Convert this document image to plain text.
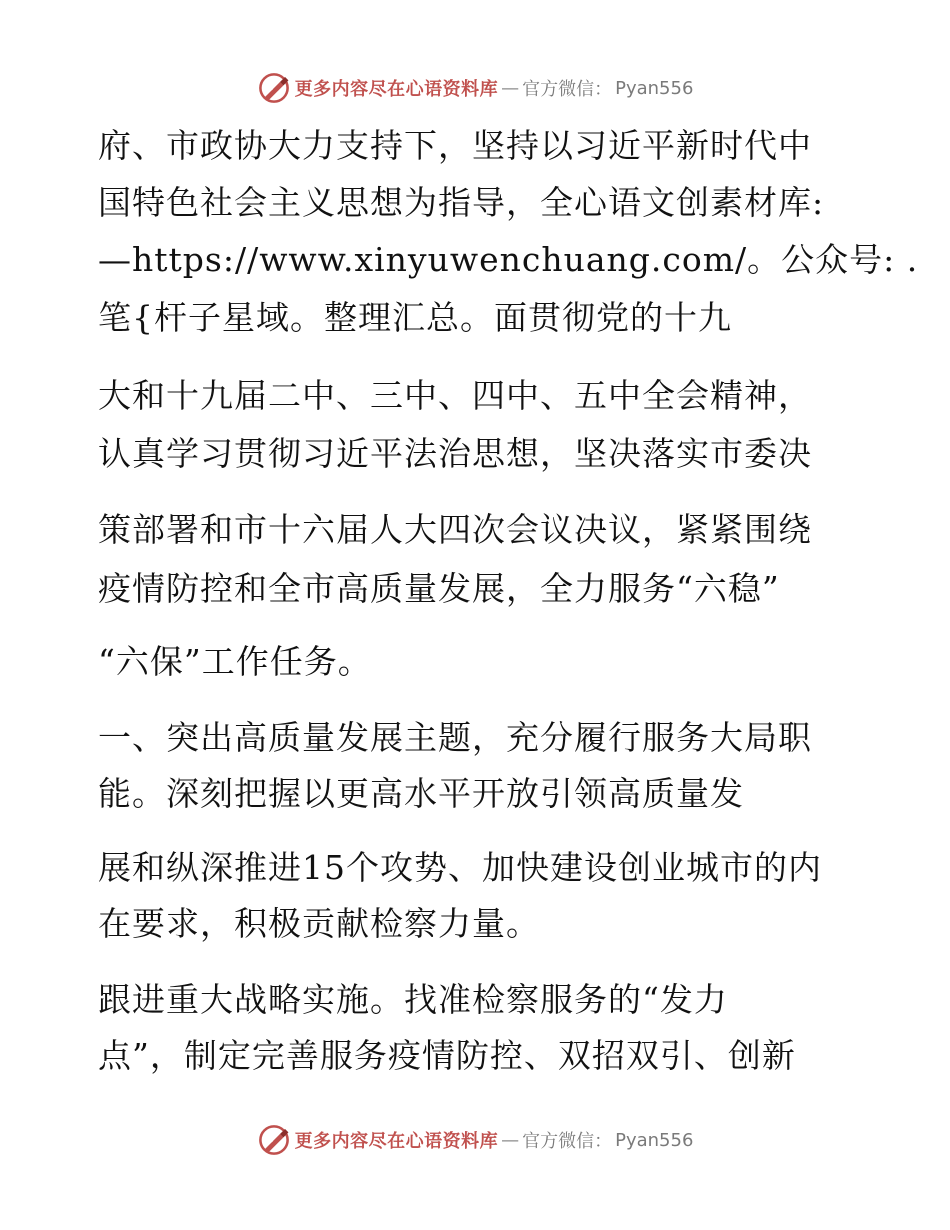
更多内容尽在心语资料库 — 官方微信： Pyan556
府、市政协大力支持下，坚持以习近平新时代中
国特色社会主义思想为指导，全心语文创素材库:
—https://www.xinyuwenchuang.com/。公众号: .
笔{杆子星域。整理汇总。面贯彻党的十九
大和十九届二中、三中、四中、五中全会精神，
认真学习贯彻习近平法治思想，坚决落实市委决
策部署和市十六届人大四次会议决议，紧紧围绕
疫情防控和全市高质量发展，全力服务“六稳”
“六保”工作任务。
一、突出高质量发展主题，充分履行服务大局职
能。深刻把握以更高水平开放引领高质量发
展和纵深推进15个攻势、加快建设创业城市的内
在要求，积极贡献检察力量。
跟进重大战略实施。找准检察服务的“发力
点”，制定完善服务疫情防控、双招双引、创新
更多内容尽在心语资料库 — 官方微信： Pyan556
